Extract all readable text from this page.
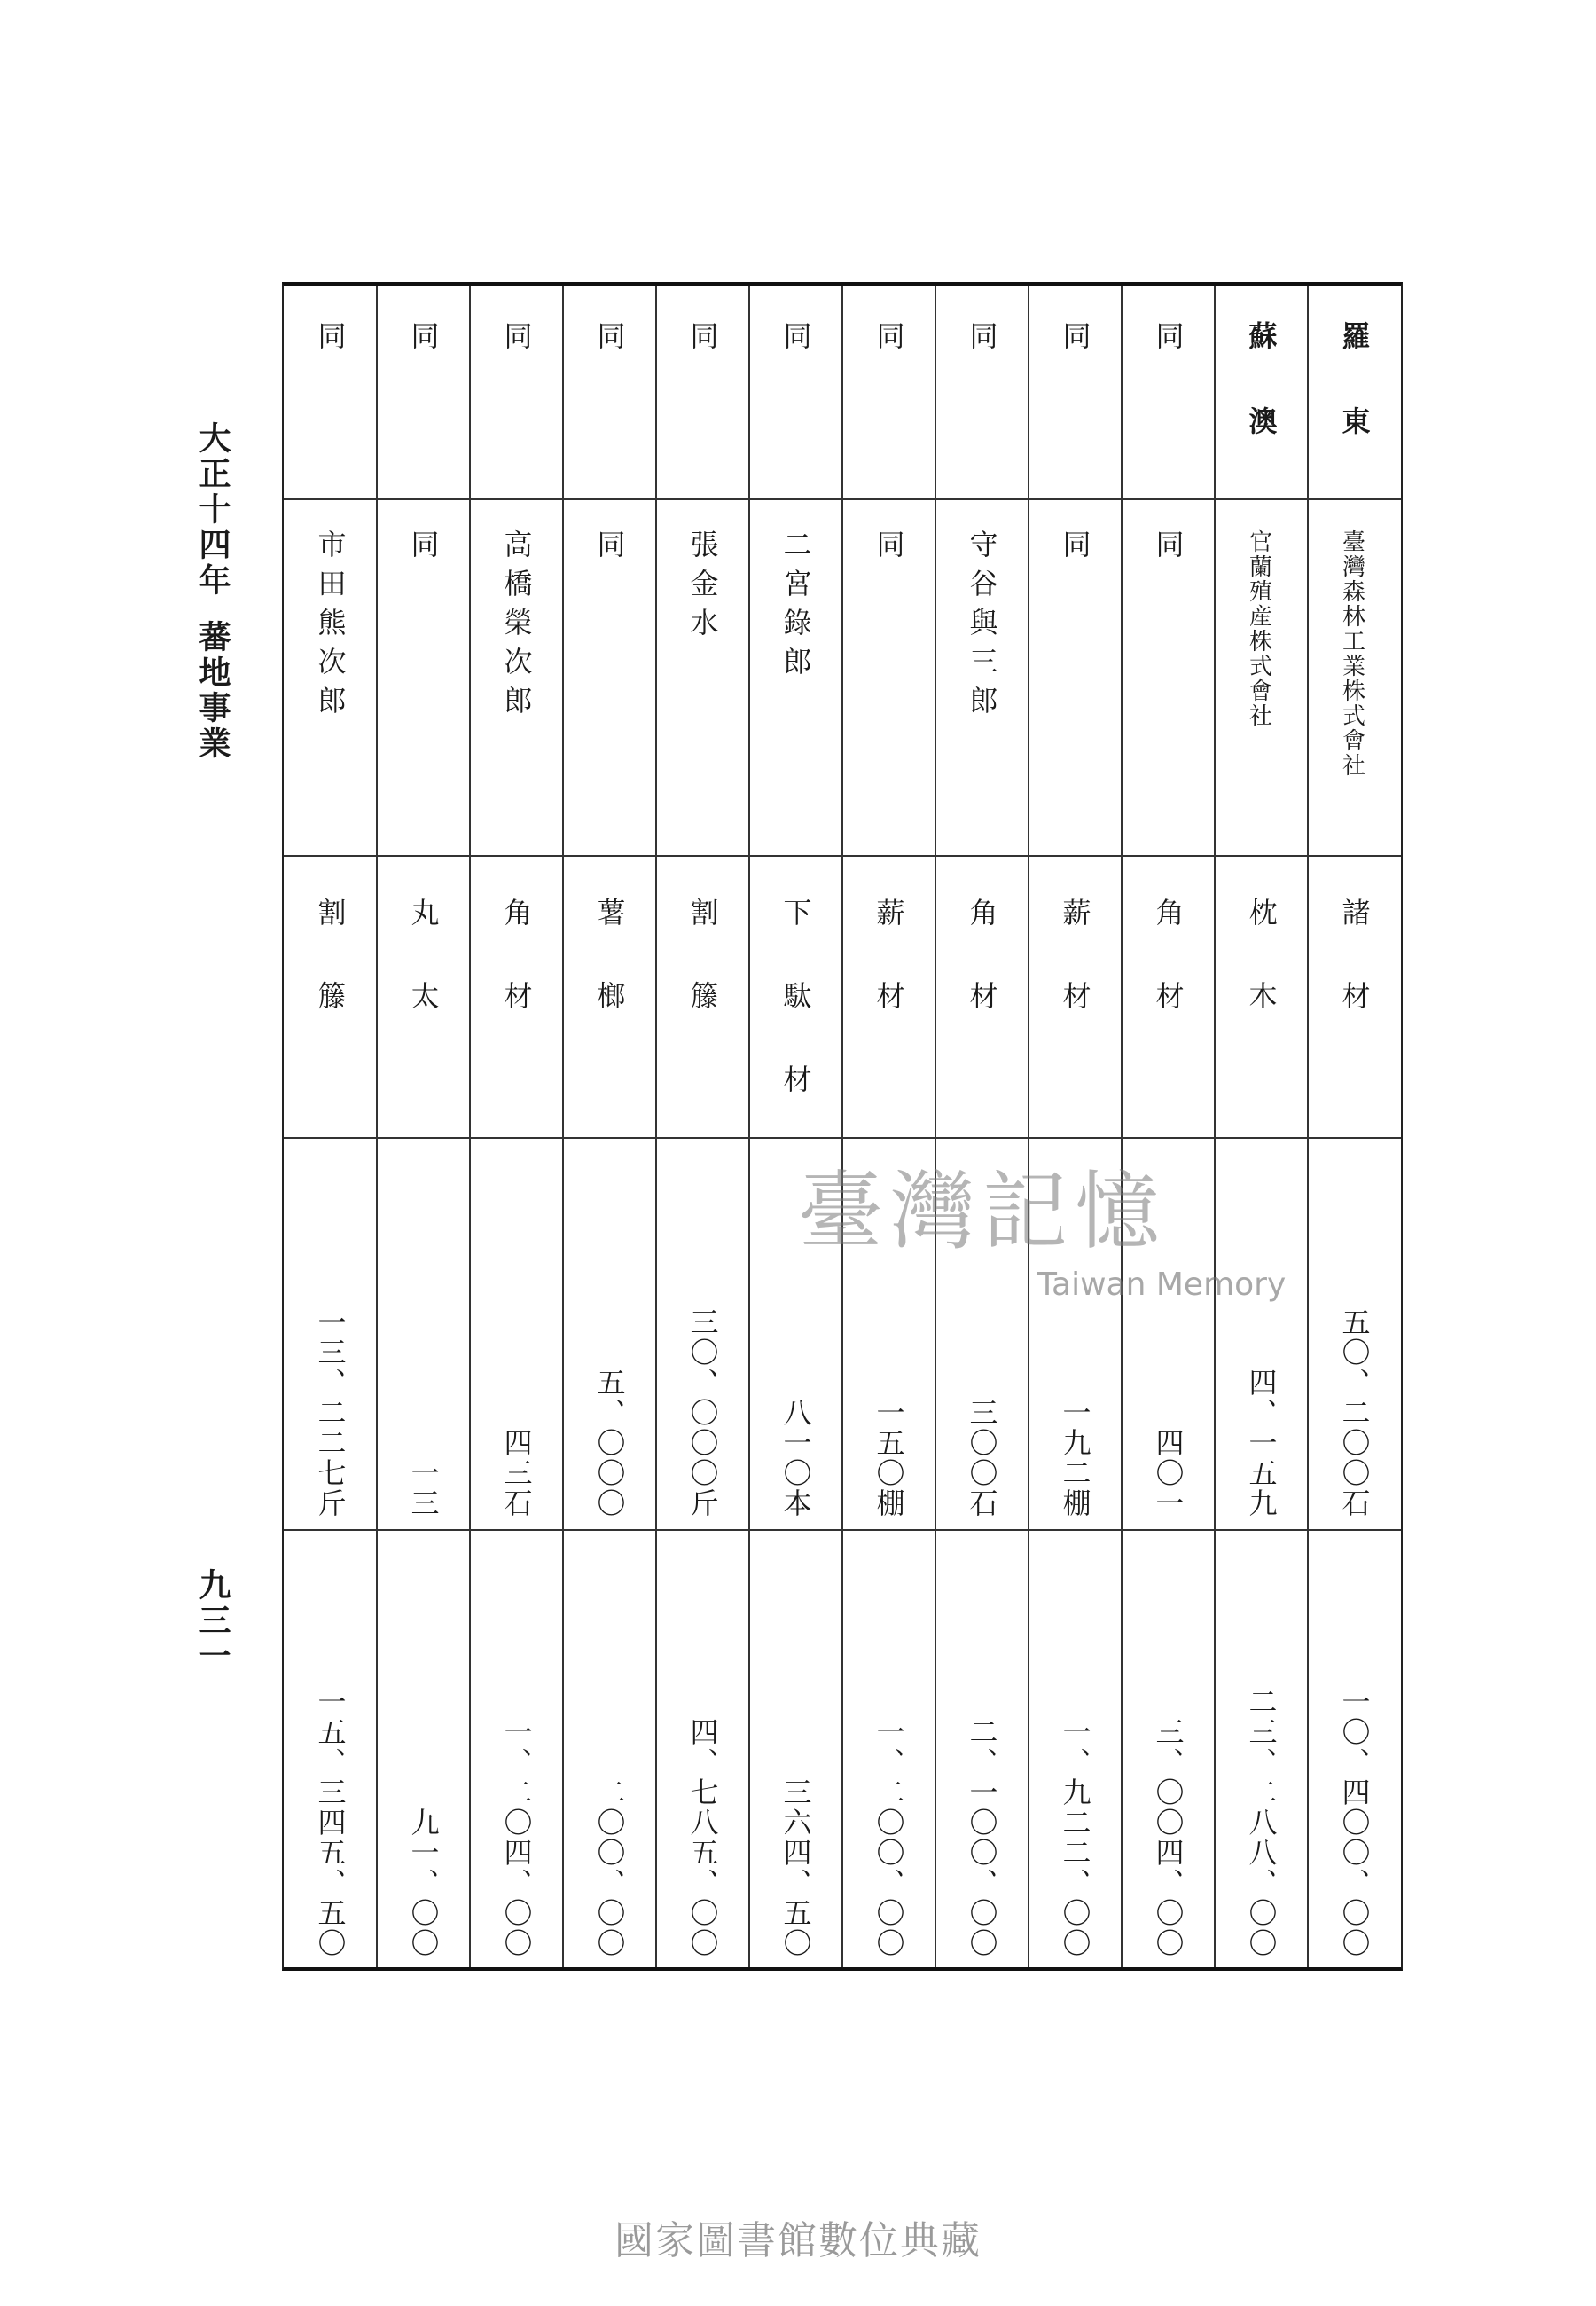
大正十四年蕃地事業
九三一
羅東
臺灣森林工業株式會社
諸材
五〇、二〇〇石
一〇、四〇〇、〇〇
蘇澳
官蘭殖産株式會社
枕木
四、一五九
二三、二八八、〇〇
同
同
角材
四〇一
三、〇〇四、〇〇
同
同
薪材
一九二棚
一、九二二、〇〇
同
守谷與三郎
角材
三〇〇石
二、一〇〇、〇〇
同
同
薪材
一五〇棚
一、二〇〇、〇〇
同
二宮錄郎
下駄材
八一〇本
三六四、五〇
同
張金水
割籐
三〇、〇〇〇斤
四、七八五、〇〇
同
同
薯榔
五、〇〇〇
二〇〇、〇〇
同
高橋榮次郎
角材
四三石
一、二〇四、〇〇
同
同
丸太
一三
九一、〇〇
同
市田熊次郎
割籐
一三、二二七斤
一五、三四五、五〇
臺灣記憶
Taiwan Memory
國家圖書館數位典藏
